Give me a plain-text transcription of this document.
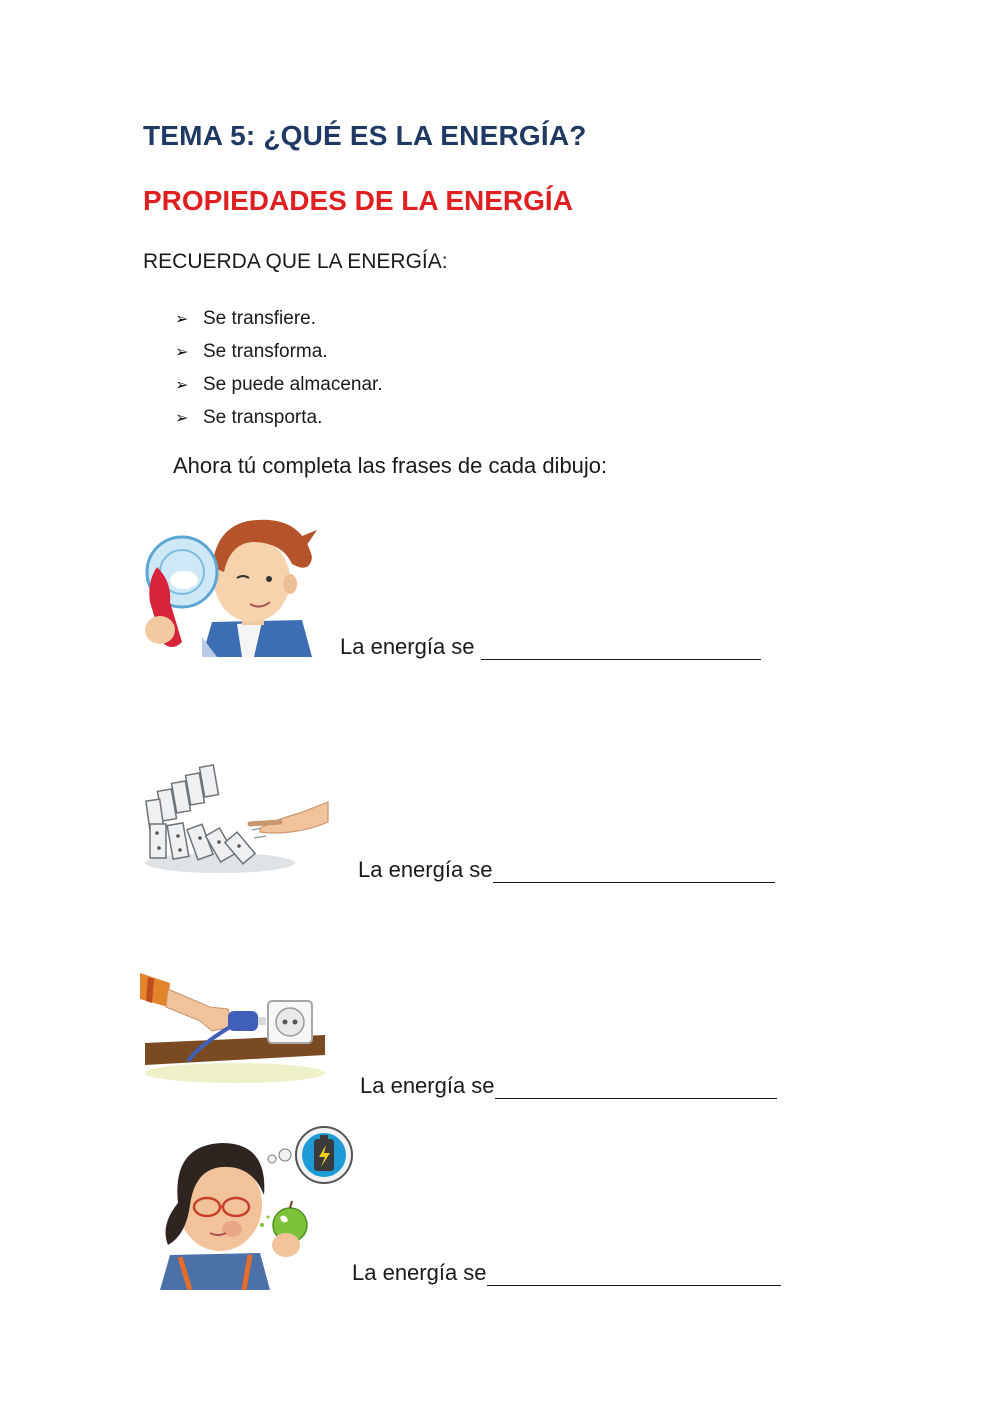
TEMA 5: ¿QUÉ ES LA ENERGÍA?
PROPIEDADES DE LA ENERGÍA
RECUERDA QUE LA ENERGÍA:
➢ Se transfiere.
➢ Se transforma.
➢ Se puede almacenar.
➢ Se transporta.
Ahora tú completa las frases de cada dibujo:
La energía se
La energía se
La energía se
La energía se
